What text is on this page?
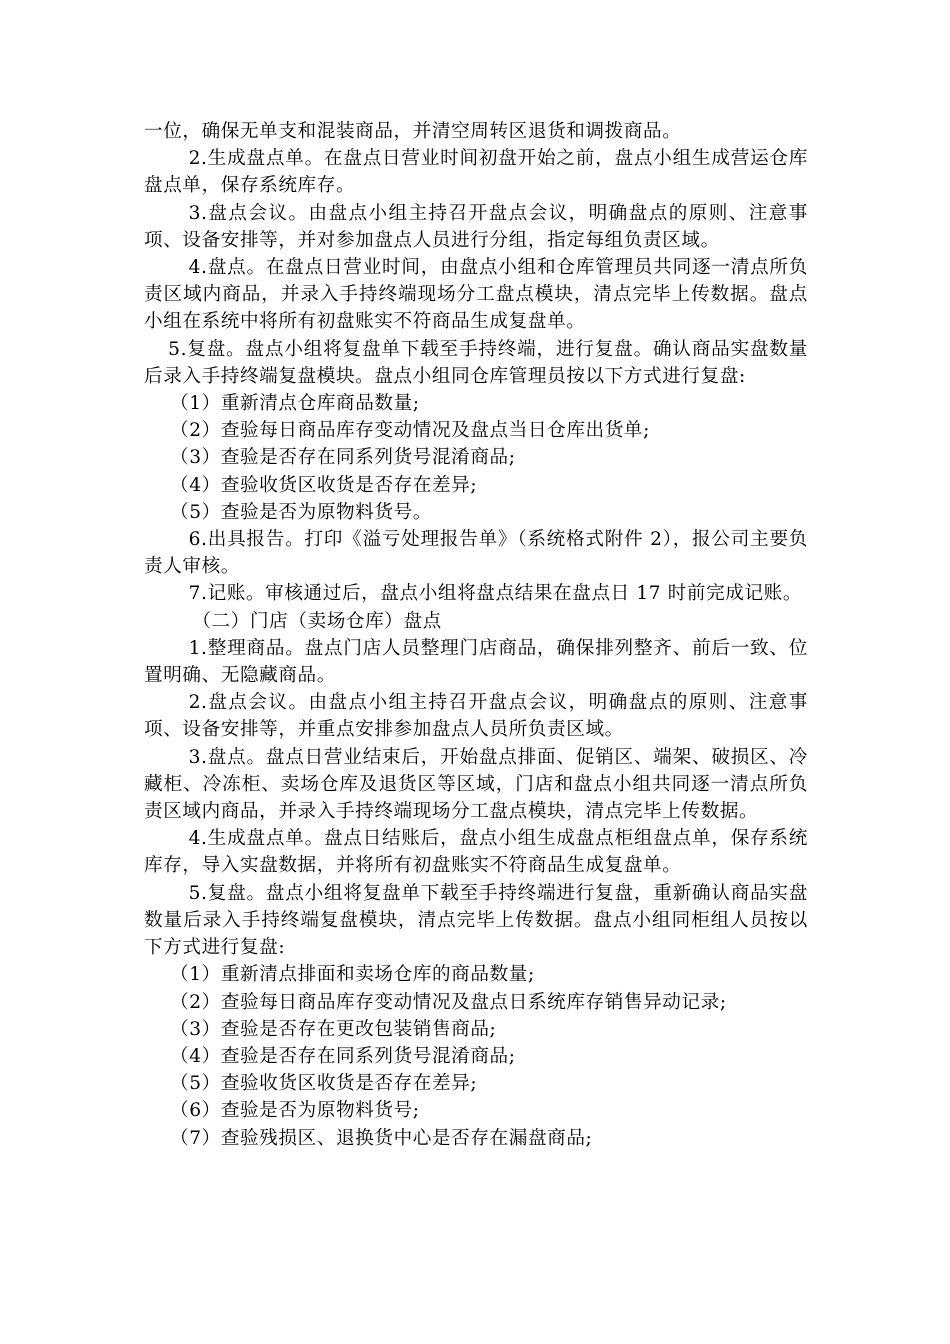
一位，确保无单支和混装商品，并清空周转区退货和调拨商品。

2.生成盘点单。在盘点日营业时间初盘开始之前，盘点小组生成营运仓库盘点单，保存系统库存。

3.盘点会议。由盘点小组主持召开盘点会议，明确盘点的原则、注意事项、设备安排等，并对参加盘点人员进行分组，指定每组负责区域。

4.盘点。在盘点日营业时间，由盘点小组和仓库管理员共同逐一清点所负责区域内商品，并录入手持终端现场分工盘点模块，清点完毕上传数据。盘点小组在系统中将所有初盘账实不符商品生成复盘单。

5.复盘。盘点小组将复盘单下载至手持终端，进行复盘。确认商品实盘数量后录入手持终端复盘模块。盘点小组同仓库管理员按以下方式进行复盘:

（1）重新清点仓库商品数量;

（2）查验每日商品库存变动情况及盘点当日仓库出货单;

（3）查验是否存在同系列货号混淆商品;

（4）查验收货区收货是否存在差异;

（5）查验是否为原物料货号。

6.出具报告。打印《溢亏处理报告单》（系统格式附件 2），报公司主要负责人审核。

7.记账。审核通过后，盘点小组将盘点结果在盘点日 17 时前完成记账。

（二）门店（卖场仓库）盘点

1.整理商品。盘点门店人员整理门店商品，确保排列整齐、前后一致、位置明确、无隐藏商品。

2.盘点会议。由盘点小组主持召开盘点会议，明确盘点的原则、注意事项、设备安排等，并重点安排参加盘点人员所负责区域。

3.盘点。盘点日营业结束后，开始盘点排面、促销区、端架、破损区、冷藏柜、冷冻柜、卖场仓库及退货区等区域，门店和盘点小组共同逐一清点所负责区域内商品，并录入手持终端现场分工盘点模块，清点完毕上传数据。

4.生成盘点单。盘点日结账后，盘点小组生成盘点柜组盘点单，保存系统库存，导入实盘数据，并将所有初盘账实不符商品生成复盘单。

5.复盘。盘点小组将复盘单下载至手持终端进行复盘，重新确认商品实盘数量后录入手持终端复盘模块，清点完毕上传数据。盘点小组同柜组人员按以下方式进行复盘:

（1）重新清点排面和卖场仓库的商品数量;

（2）查验每日商品库存变动情况及盘点日系统库存销售异动记录;

（3）查验是否存在更改包装销售商品;

（4）查验是否存在同系列货号混淆商品;

（5）查验收货区收货是否存在差异;

（6）查验是否为原物料货号;

（7）查验残损区、退换货中心是否存在漏盘商品;
